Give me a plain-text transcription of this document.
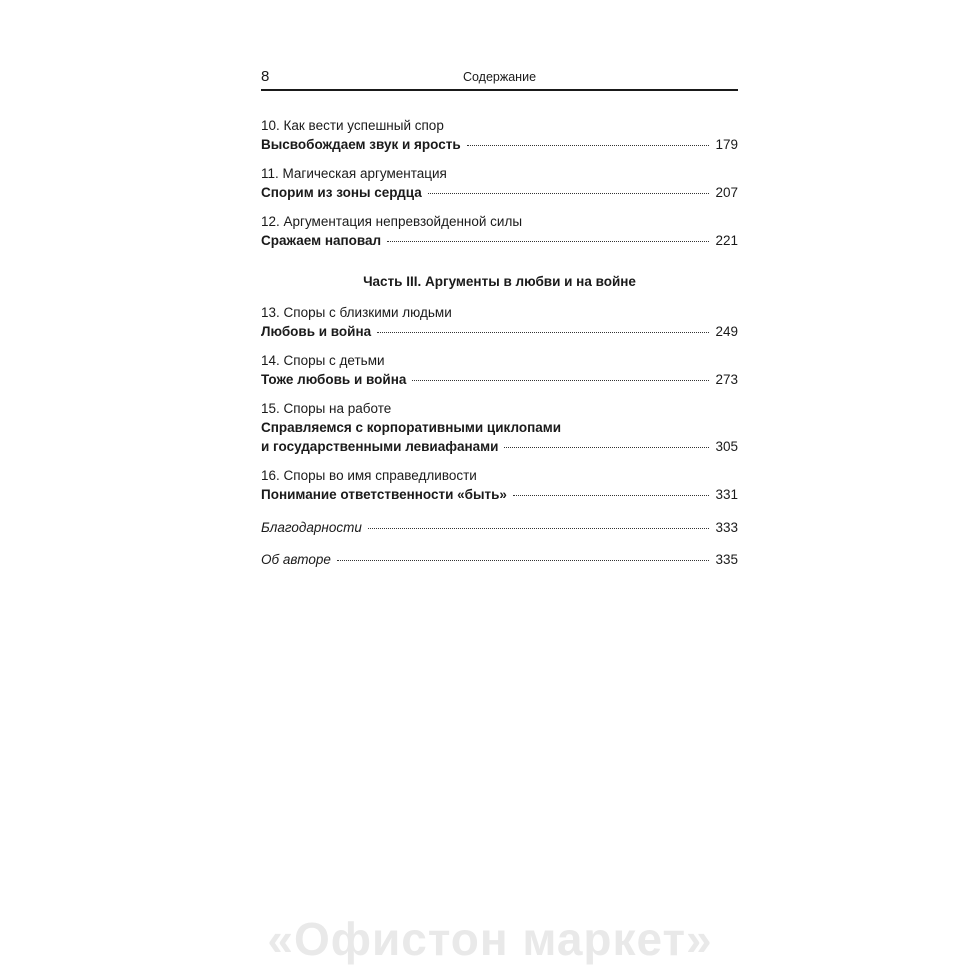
8	Содержание
10. Как вести успешный спор
Высвобождаем звук и ярость	179
11. Магическая аргументация
Спорим из зоны сердца	207
12. Аргументация непревзойденной силы
Сражаем наповал	221
Часть III. Аргументы в любви и на войне
13. Споры с близкими людьми
Любовь и война	249
14. Споры с детьми
Тоже любовь и война	273
15. Споры на работе
Справляемся с корпоративными циклопами
и государственными левиафанами	305
16. Споры во имя справедливости
Понимание ответственности «быть»	331
Благодарности	333
Об авторе	335
«Офистон маркет»
